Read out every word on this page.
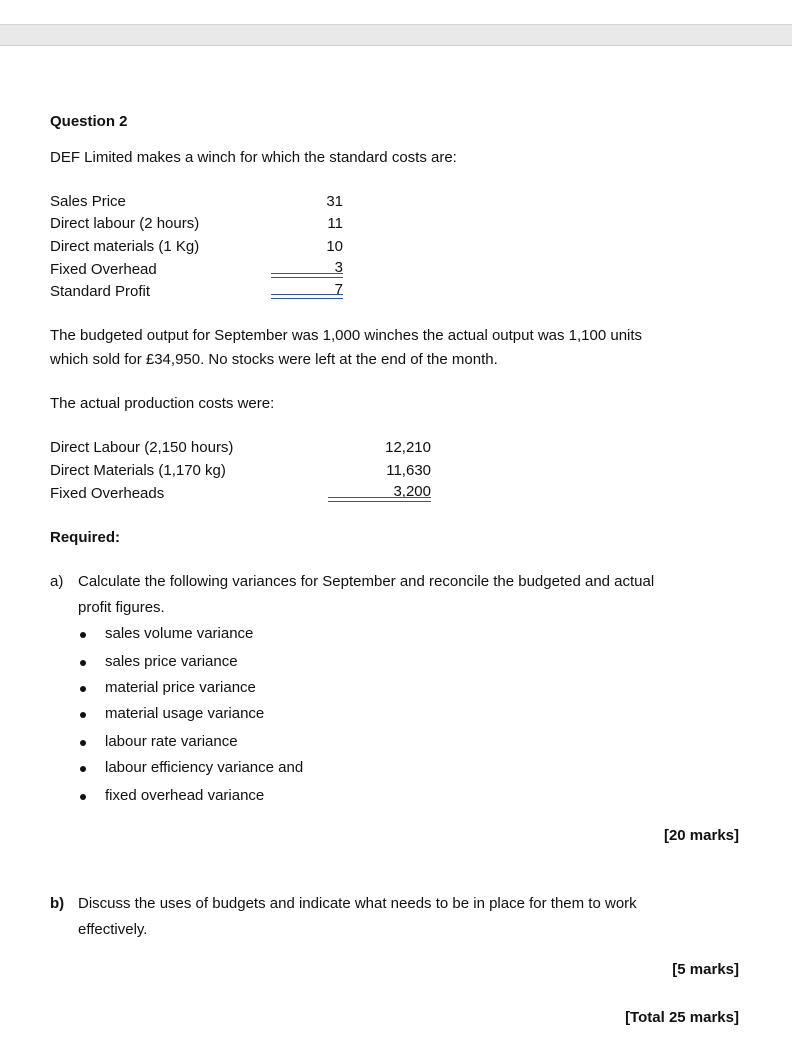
Question 2
DEF Limited makes a winch for which the standard costs are:
Sales Price	31
Direct labour (2 hours)	11
Direct materials (1 Kg)	10
Fixed Overhead	3
Standard Profit	7
The budgeted output for September was 1,000 winches the actual output was 1,100 units
which sold for £34,950. No stocks were left at the end of the month.
The actual production costs were:
Direct Labour (2,150 hours)	12,210
Direct Materials (1,170 kg)	11,630
Fixed Overheads	3,200
Required:
a) Calculate the following variances for September and reconcile the budgeted and actual
profit figures.
sales volume variance
sales price variance
material price variance
material usage variance
labour rate variance
labour efficiency variance and
fixed overhead variance
[20 marks]
b) Discuss the uses of budgets and indicate what needs to be in place for them to work
effectively.
[5 marks]
[Total 25 marks]
